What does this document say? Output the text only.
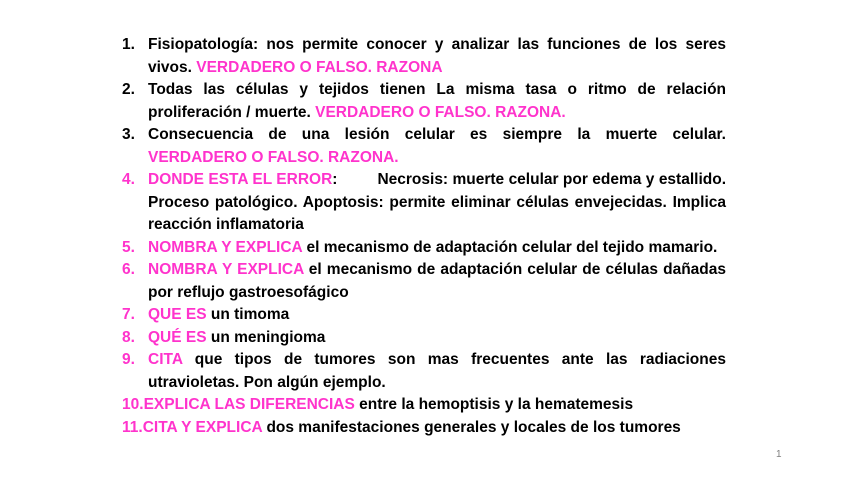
1. Fisiopatología: nos permite conocer y analizar las funciones de los seres vivos. VERDADERO O FALSO. RAZONA
2. Todas las células y tejidos tienen La misma tasa o ritmo de relación proliferación / muerte. VERDADERO O FALSO. RAZONA.
3. Consecuencia de una lesión celular es siempre la muerte celular. VERDADERO O FALSO. RAZONA.
4. DONDE ESTA EL ERROR:	Necrosis: muerte celular por edema y estallido. Proceso patológico. Apoptosis: permite eliminar células envejecidas. Implica reacción inflamatoria
5. NOMBRA Y EXPLICA el mecanismo de adaptación celular del tejido mamario.
6. NOMBRA Y EXPLICA el mecanismo de adaptación celular de células dañadas por reflujo gastroesofágico
7. QUE ES un timoma
8. QUÉ ES un meningioma
9. CITA que tipos de tumores son mas frecuentes ante las radiaciones utravioletas. Pon algún ejemplo.
10.EXPLICA LAS DIFERENCIAS entre la hemoptisis y la hematemesis
11.CITA Y EXPLICA dos manifestaciones generales y locales de los tumores
1
